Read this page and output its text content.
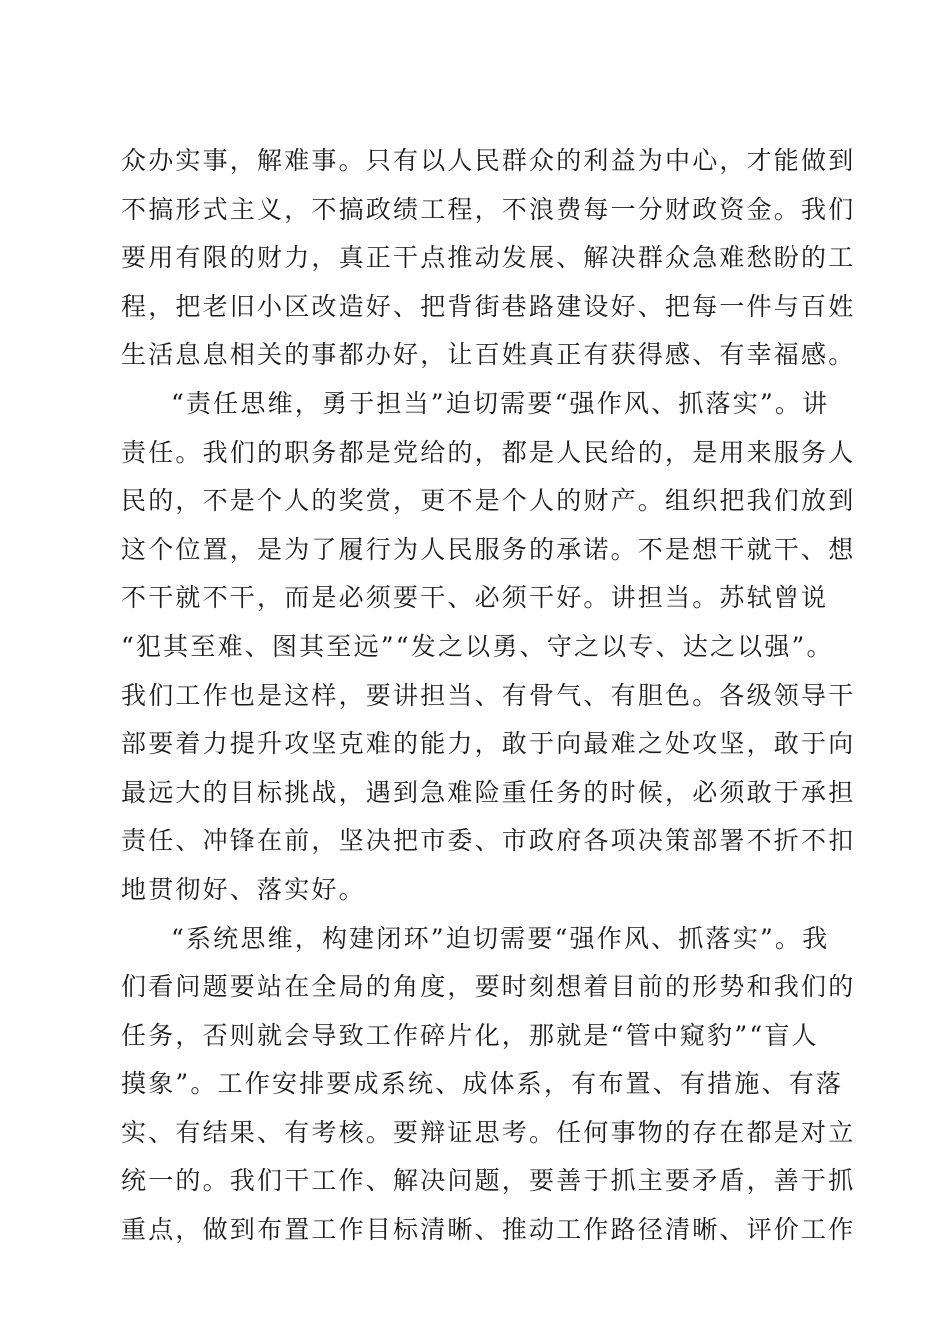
众办实事，解难事。只有以人民群众的利益为中心，才能做到
不搞形式主义，不搞政绩工程，不浪费每一分财政资金。我们
要用有限的财力，真正干点推动发展、解决群众急难愁盼的工
程，把老旧小区改造好、把背街巷路建设好、把每一件与百姓
生活息息相关的事都办好，让百姓真正有获得感、有幸福感。
“责任思维，勇于担当”迫切需要“强作风、抓落实”。讲
责任。我们的职务都是党给的，都是人民给的，是用来服务人
民的，不是个人的奖赏，更不是个人的财产。组织把我们放到
这个位置，是为了履行为人民服务的承诺。不是想干就干、想
不干就不干，而是必须要干、必须干好。讲担当。苏轼曾说
“犯其至难、图其至远”“发之以勇、守之以专、达之以强”。
我们工作也是这样，要讲担当、有骨气、有胆色。各级领导干
部要着力提升攻坚克难的能力，敢于向最难之处攻坚，敢于向
最远大的目标挑战，遇到急难险重任务的时候，必须敢于承担
责任、冲锋在前，坚决把市委、市政府各项决策部署不折不扣
地贯彻好、落实好。
“系统思维，构建闭环”迫切需要“强作风、抓落实”。我
们看问题要站在全局的角度，要时刻想着目前的形势和我们的
任务，否则就会导致工作碎片化，那就是“管中窥豹”“盲人
摸象”。工作安排要成系统、成体系，有布置、有措施、有落
实、有结果、有考核。要辩证思考。任何事物的存在都是对立
统一的。我们干工作、解决问题，要善于抓主要矛盾，善于抓
重点，做到布置工作目标清晰、推动工作路径清晰、评价工作
